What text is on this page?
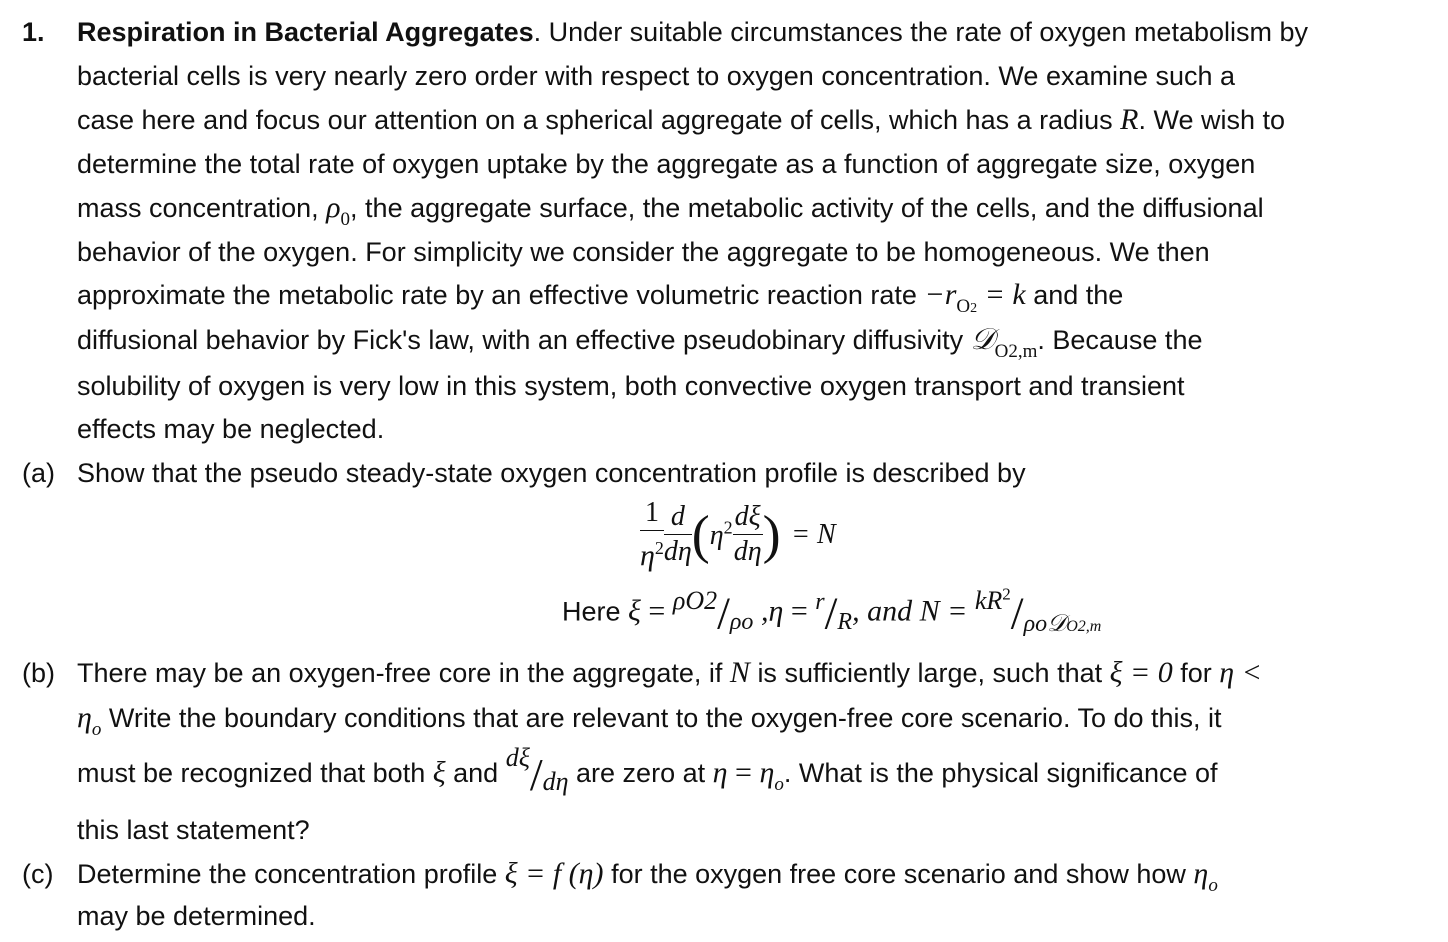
1. Respiration in Bacterial Aggregates. Under suitable circumstances the rate of oxygen metabolism by
bacterial cells is very nearly zero order with respect to oxygen concentration. We examine such a
case here and focus our attention on a spherical aggregate of cells, which has a radius R. We wish to
determine the total rate of oxygen uptake by the aggregate as a function of aggregate size, oxygen
mass concentration, $\rho_0$, the aggregate surface, the metabolic activity of the cells, and the diffusional
behavior of the oxygen. For simplicity we consider the aggregate to be homogeneous. We then
approximate the metabolic rate by an effective volumetric reaction rate $-r_{O2} = k$ and the
diffusional behavior by Fick's law, with an effective pseudobinary diffusivity 𝒟$_{O2,m}$. Because the
solubility of oxygen is very low in this system, both convective oxygen transport and transient
effects may be neglected.
(a) Show that the pseudo steady-state oxygen concentration profile is described by
$\frac{1}{\eta^2} \frac{d}{d\eta} (\eta^2 \frac{d\xi}{d\eta}$ ) = N
Here ξ = ρO2/ρo ,η = r/R, and $N = kR^2/\rho o𝒟O2,m$
(b) There may be an oxygen-free core in the aggregate, if N is sufficiently large, such that ξ = 0 for η <
$\eta_o$ Write the boundary conditions that are relevant to the oxygen-free core scenario. To do this, it
must be recognized that both ξ and dξ/dη are zero at $\eta = \eta_o$. What is the physical significance of
this last statement?
(c) Determine the concentration profile ξ = f (η) for the oxygen free core scenario and show how $\eta_o$
may be determined.
